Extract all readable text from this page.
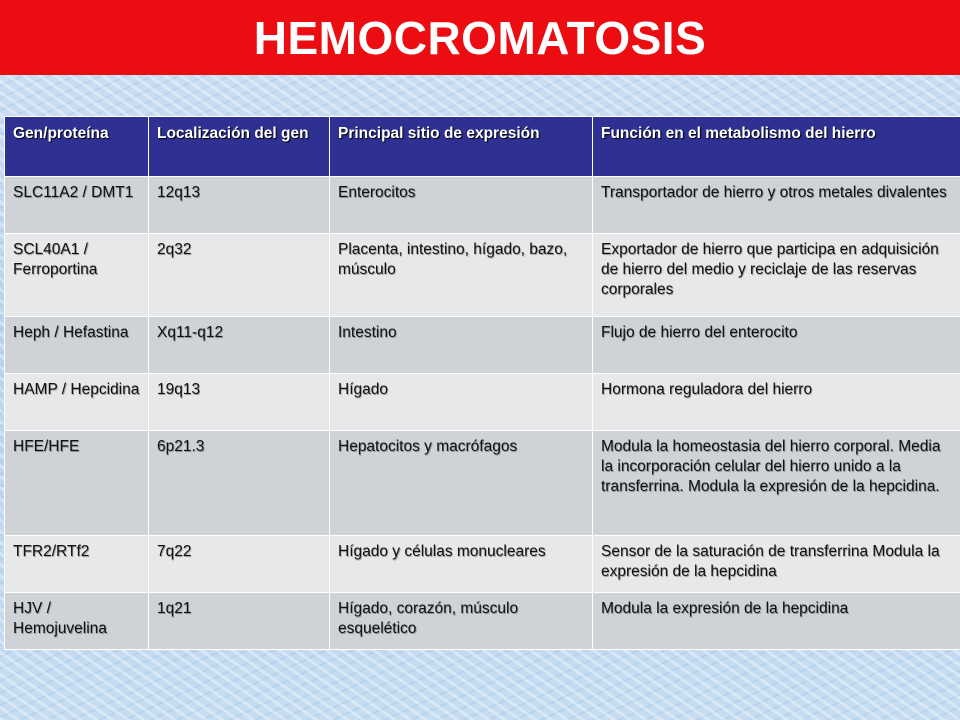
HEMOCROMATOSIS
Gen/proteína	Localización del gen	Principal sitio de expresión	Función en el metabolismo del hierro
SLC11A2 / DMT1	12q13	Enterocitos	Transportador de hierro y otros metales divalentes
SCL40A1 / Ferroportina	2q32	Placenta, intestino, hígado, bazo, músculo	Exportador de hierro que participa en adquisición de hierro del medio y reciclaje de las reservas corporales
Heph / Hefastina	Xq11-q12	Intestino	Flujo de hierro del enterocito
HAMP / Hepcidina	19q13	Hígado	Hormona reguladora del hierro
HFE/HFE	6p21.3	Hepatocitos y macrófagos	Modula la homeostasia del hierro corporal. Media la incorporación celular del hierro unido a la transferrina. Modula la expresión de la hepcidina.
TFR2/RTf2	7q22	Hígado y células monucleares	Sensor de la saturación de transferrina Modula la expresión de la hepcidina
HJV / Hemojuvelina	1q21	Hígado, corazón, músculo esquelético	Modula la expresión de la hepcidina
